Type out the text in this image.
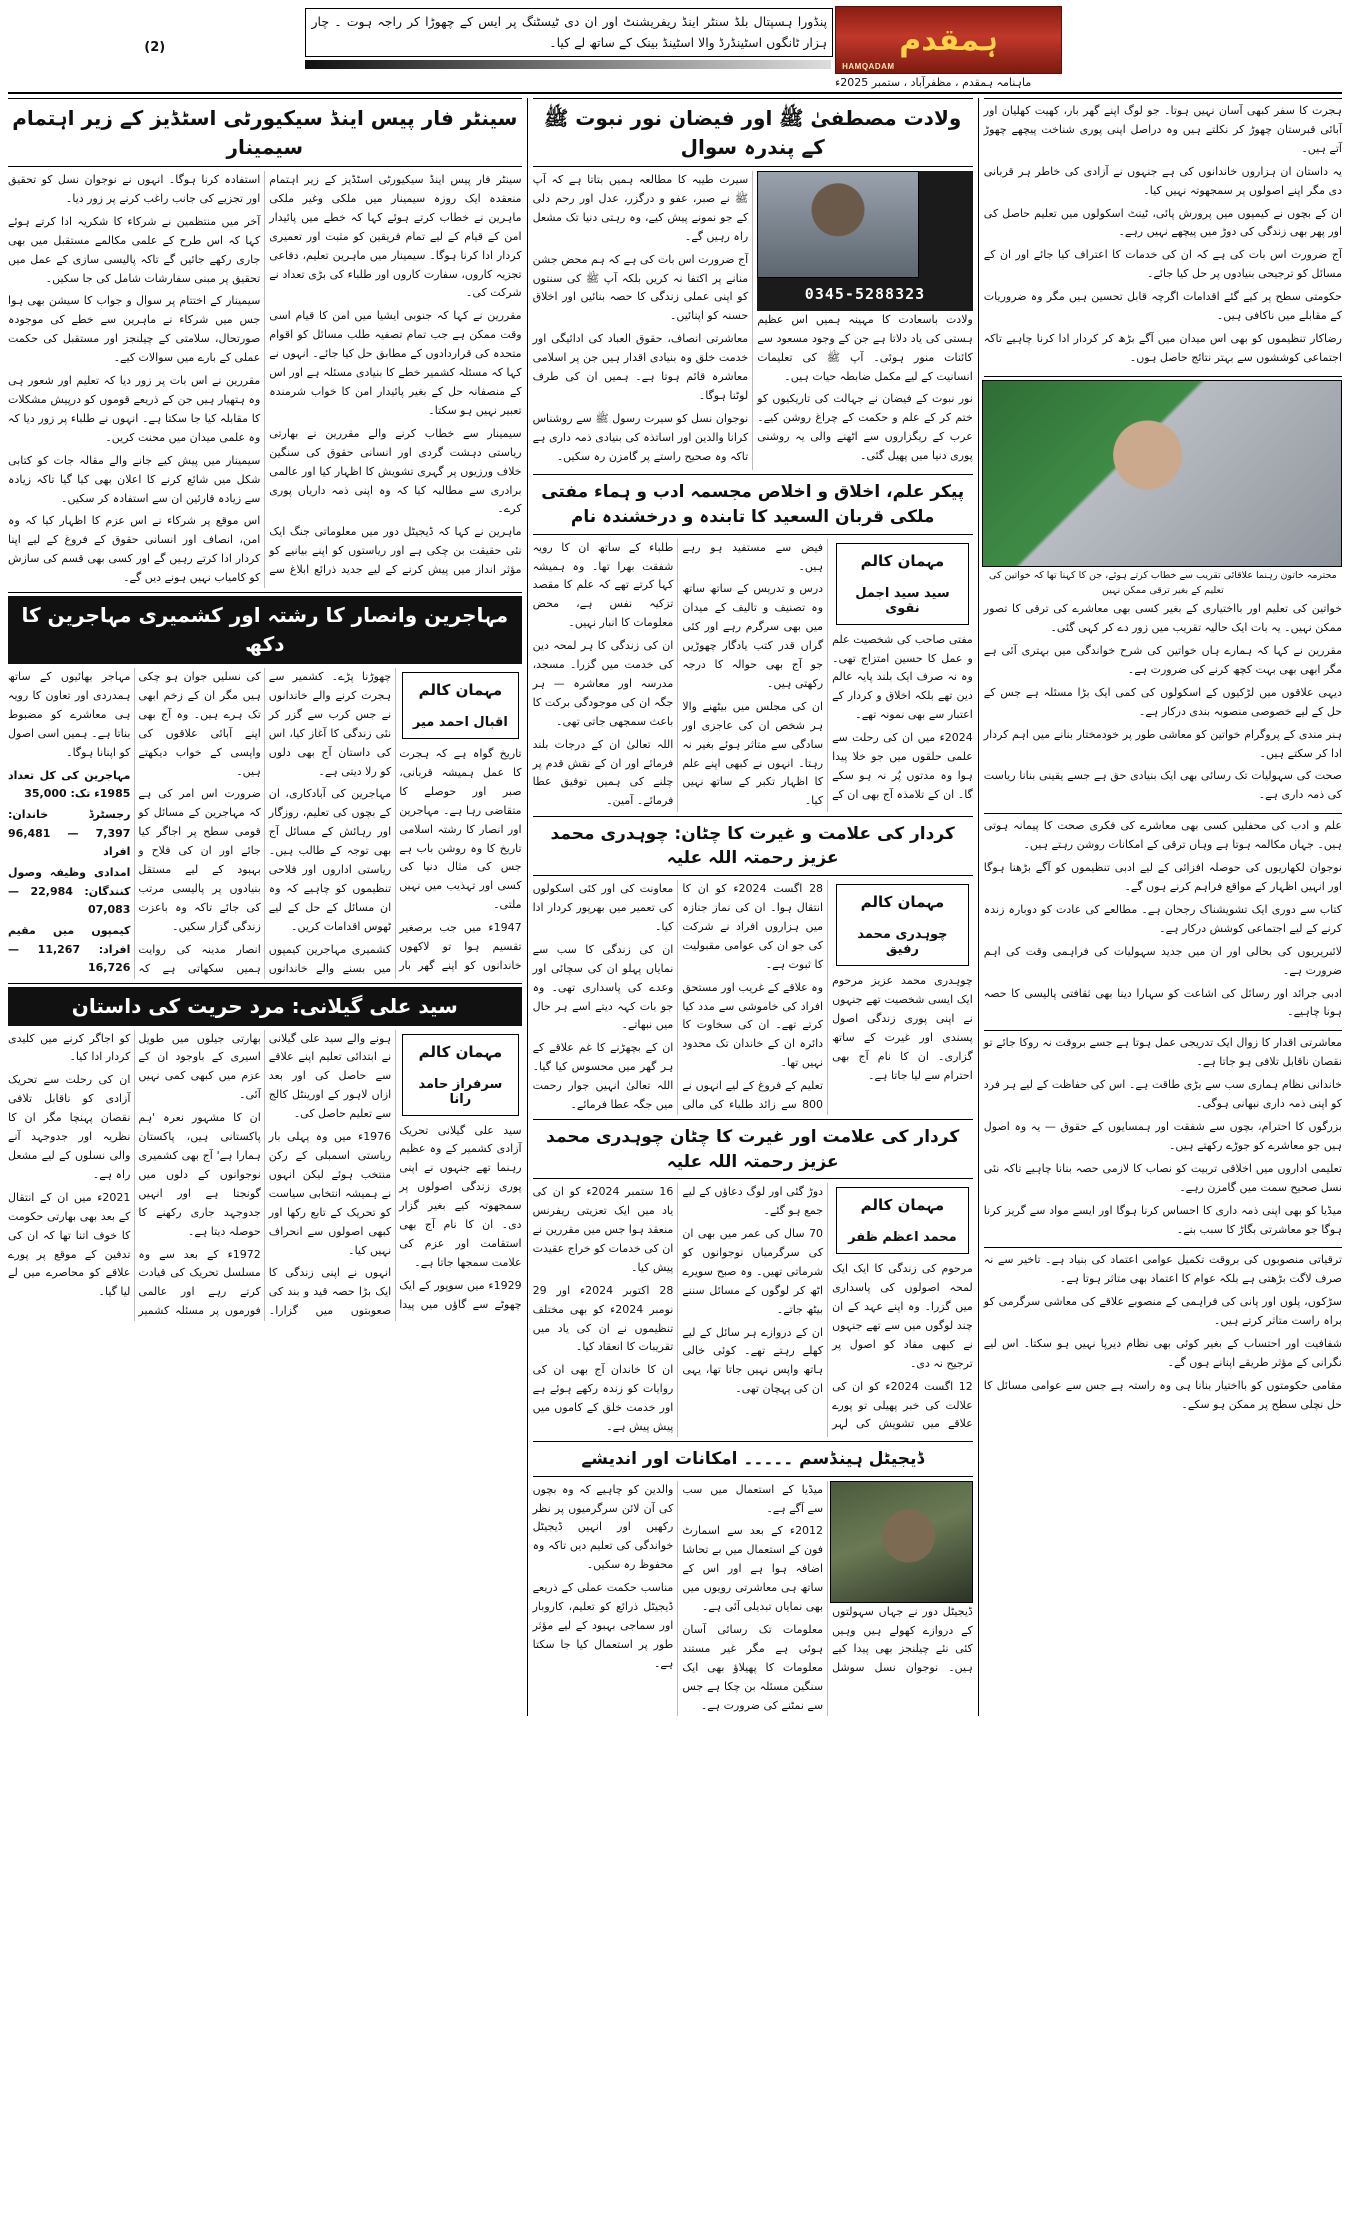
ہمقدم
HAMQADAM
ماہنامہ ہمقدم ، مظفرآباد ، ستمبر 2025ء
پنڈورا ہسپتال بلڈ سنٹر اینڈ ریفریشنٹ اور ان دی ٹیسٹنگ پر ایس کے چھوڑا کر راجہ ہوت ۔ چار ہزار ٹانگوں اسٹینڈرڈ والا اسٹینڈ بینک کے ساتھ لے کیا۔
(2)

ہجرت کا سفر کبھی آسان نہیں ہوتا۔ جو لوگ اپنے گھر بار، کھیت کھلیان اور آبائی قبرستان چھوڑ کر نکلتے ہیں وہ دراصل اپنی پوری شناخت پیچھے چھوڑ آتے ہیں۔

یہ داستان ان ہزاروں خاندانوں کی ہے جنہوں نے آزادی کی خاطر ہر قربانی دی مگر اپنے اصولوں پر سمجھوتہ نہیں کیا۔

ان کے بچوں نے کیمپوں میں پرورش پائی، ٹینٹ اسکولوں میں تعلیم حاصل کی اور پھر بھی زندگی کی دوڑ میں پیچھے نہیں رہے۔

آج ضرورت اس بات کی ہے کہ ان کی خدمات کا اعتراف کیا جائے اور ان کے مسائل کو ترجیحی بنیادوں پر حل کیا جائے۔

حکومتی سطح پر کیے گئے اقدامات اگرچہ قابل تحسین ہیں مگر وہ ضروریات کے مقابلے میں ناکافی ہیں۔

رضاکار تنظیموں کو بھی اس میدان میں آگے بڑھ کر کردار ادا کرنا چاہیے تاکہ اجتماعی کوششوں سے بہتر نتائج حاصل ہوں۔

محترمہ خاتون رہنما علاقائی تقریب سے خطاب کرتے ہوئے، جن کا کہنا تھا کہ خواتین کی تعلیم کے بغیر ترقی ممکن نہیں

خواتین کی تعلیم اور بااختیاری کے بغیر کسی بھی معاشرے کی ترقی کا تصور ممکن نہیں۔ یہ بات ایک حالیہ تقریب میں زور دے کر کہی گئی۔

مقررین نے کہا کہ ہمارے ہاں خواتین کی شرح خواندگی میں بہتری آئی ہے مگر ابھی بھی بہت کچھ کرنے کی ضرورت ہے۔

دیہی علاقوں میں لڑکیوں کے اسکولوں کی کمی ایک بڑا مسئلہ ہے جس کے حل کے لیے خصوصی منصوبہ بندی درکار ہے۔

ہنر مندی کے پروگرام خواتین کو معاشی طور پر خودمختار بنانے میں اہم کردار ادا کر سکتے ہیں۔

صحت کی سہولیات تک رسائی بھی ایک بنیادی حق ہے جسے یقینی بنانا ریاست کی ذمہ داری ہے۔

علم و ادب کی محفلیں کسی بھی معاشرے کی فکری صحت کا پیمانہ ہوتی ہیں۔ جہاں مکالمہ ہوتا ہے وہاں ترقی کے امکانات روشن رہتے ہیں۔

نوجوان لکھاریوں کی حوصلہ افزائی کے لیے ادبی تنظیموں کو آگے بڑھنا ہوگا اور انہیں اظہار کے مواقع فراہم کرنے ہوں گے۔

کتاب سے دوری ایک تشویشناک رجحان ہے۔ مطالعے کی عادت کو دوبارہ زندہ کرنے کے لیے اجتماعی کوشش درکار ہے۔

لائبریریوں کی بحالی اور ان میں جدید سہولیات کی فراہمی وقت کی اہم ضرورت ہے۔

ادبی جرائد اور رسائل کی اشاعت کو سہارا دینا بھی ثقافتی پالیسی کا حصہ ہونا چاہیے۔

معاشرتی اقدار کا زوال ایک تدریجی عمل ہوتا ہے جسے بروقت نہ روکا جائے تو نقصان ناقابل تلافی ہو جاتا ہے۔

خاندانی نظام ہماری سب سے بڑی طاقت ہے۔ اس کی حفاظت کے لیے ہر فرد کو اپنی ذمہ داری نبھانی ہوگی۔

بزرگوں کا احترام، بچوں سے شفقت اور ہمسایوں کے حقوق — یہ وہ اصول ہیں جو معاشرے کو جوڑے رکھتے ہیں۔

تعلیمی اداروں میں اخلاقی تربیت کو نصاب کا لازمی حصہ بنانا چاہیے تاکہ نئی نسل صحیح سمت میں گامزن رہے۔

میڈیا کو بھی اپنی ذمہ داری کا احساس کرنا ہوگا اور ایسے مواد سے گریز کرنا ہوگا جو معاشرتی بگاڑ کا سبب بنے۔

ترقیاتی منصوبوں کی بروقت تکمیل عوامی اعتماد کی بنیاد ہے۔ تاخیر سے نہ صرف لاگت بڑھتی ہے بلکہ عوام کا اعتماد بھی متاثر ہوتا ہے۔

سڑکوں، پلوں اور پانی کی فراہمی کے منصوبے علاقے کی معاشی سرگرمی کو براہ راست متاثر کرتے ہیں۔

شفافیت اور احتساب کے بغیر کوئی بھی نظام دیرپا نہیں ہو سکتا۔ اس لیے نگرانی کے مؤثر طریقے اپنانے ہوں گے۔

مقامی حکومتوں کو بااختیار بنانا ہی وہ راستہ ہے جس سے عوامی مسائل کا حل نچلی سطح پر ممکن ہو سکے۔

ولادت مصطفیٰ ﷺ اور فیضان نور نبوت ﷺ کے پندرہ سوال
0345-5288323

ولادت باسعادت کا مہینہ ہمیں اس عظیم ہستی کی یاد دلاتا ہے جن کے وجود مسعود سے کائنات منور ہوئی۔ آپ ﷺ کی تعلیمات انسانیت کے لیے مکمل ضابطہ حیات ہیں۔

نور نبوت کے فیضان نے جہالت کی تاریکیوں کو ختم کر کے علم و حکمت کے چراغ روشن کیے۔ عرب کے ریگزاروں سے اٹھنے والی یہ روشنی پوری دنیا میں پھیل گئی۔

سیرت طیبہ کا مطالعہ ہمیں بتاتا ہے کہ آپ ﷺ نے صبر، عفو و درگزر، عدل اور رحم دلی کے جو نمونے پیش کیے، وہ رہتی دنیا تک مشعل راہ رہیں گے۔

آج ضرورت اس بات کی ہے کہ ہم محض جشن منانے پر اکتفا نہ کریں بلکہ آپ ﷺ کی سنتوں کو اپنی عملی زندگی کا حصہ بنائیں اور اخلاق حسنہ کو اپنائیں۔

معاشرتی انصاف، حقوق العباد کی ادائیگی اور خدمت خلق وہ بنیادی اقدار ہیں جن پر اسلامی معاشرہ قائم ہوتا ہے۔ ہمیں ان کی طرف لوٹنا ہوگا۔

نوجوان نسل کو سیرت رسول ﷺ سے روشناس کرانا والدین اور اساتذہ کی بنیادی ذمہ داری ہے تاکہ وہ صحیح راستے پر گامزن رہ سکیں۔

پیکر علم، اخلاق و اخلاص مجسمہ ادب و ہماء مفتی ملکی قربان السعید کا تابندہ و درخشندہ نام
مہمان کالم
سید سید اجمل نقوی

مفتی صاحب کی شخصیت علم و عمل کا حسین امتزاج تھی۔ وہ نہ صرف ایک بلند پایہ عالم دین تھے بلکہ اخلاق و کردار کے اعتبار سے بھی نمونہ تھے۔

2024ء میں ان کی رحلت سے علمی حلقوں میں جو خلا پیدا ہوا وہ مدتوں پُر نہ ہو سکے گا۔ ان کے تلامذہ آج بھی ان کے فیض سے مستفید ہو رہے ہیں۔

درس و تدریس کے ساتھ ساتھ وہ تصنیف و تالیف کے میدان میں بھی سرگرم رہے اور کئی گراں قدر کتب یادگار چھوڑیں جو آج بھی حوالہ کا درجہ رکھتی ہیں۔

ان کی مجلس میں بیٹھنے والا ہر شخص ان کی عاجزی اور سادگی سے متاثر ہوئے بغیر نہ رہتا۔ انہوں نے کبھی اپنے علم کا اظہار تکبر کے ساتھ نہیں کیا۔

طلباء کے ساتھ ان کا رویہ شفقت بھرا تھا۔ وہ ہمیشہ کہا کرتے تھے کہ علم کا مقصد تزکیہ نفس ہے، محض معلومات کا انبار نہیں۔

ان کی زندگی کا ہر لمحہ دین کی خدمت میں گزرا۔ مسجد، مدرسہ اور معاشرہ — ہر جگہ ان کی موجودگی برکت کا باعث سمجھی جاتی تھی۔

اللہ تعالیٰ ان کے درجات بلند فرمائے اور ان کے نقش قدم پر چلنے کی ہمیں توفیق عطا فرمائے۔ آمین۔

کردار کی علامت و غیرت کا چٹان: چوہدری محمد عزیز رحمتہ اللہ علیہ
مہمان کالم
چوہدری محمد رفیق

چوہدری محمد عزیز مرحوم ایک ایسی شخصیت تھے جنہوں نے اپنی پوری زندگی اصول پسندی اور غیرت کے ساتھ گزاری۔ ان کا نام آج بھی احترام سے لیا جاتا ہے۔

28 اگست 2024ء کو ان کا انتقال ہوا۔ ان کی نماز جنازہ میں ہزاروں افراد نے شرکت کی جو ان کی عوامی مقبولیت کا ثبوت ہے۔

وہ علاقے کے غریب اور مستحق افراد کی خاموشی سے مدد کیا کرتے تھے۔ ان کی سخاوت کا دائرہ ان کے خاندان تک محدود نہیں تھا۔

تعلیم کے فروغ کے لیے انہوں نے 800 سے زائد طلباء کی مالی معاونت کی اور کئی اسکولوں کی تعمیر میں بھرپور کردار ادا کیا۔

ان کی زندگی کا سب سے نمایاں پہلو ان کی سچائی اور وعدے کی پاسداری تھی۔ وہ جو بات کہہ دیتے اسے ہر حال میں نبھاتے۔

ان کے بچھڑنے کا غم علاقے کے ہر گھر میں محسوس کیا گیا۔ اللہ تعالیٰ انہیں جوار رحمت میں جگہ عطا فرمائے۔

کردار کی علامت اور غیرت کا چٹان چوہدری محمد عزیز رحمتہ اللہ علیہ
مہمان کالم
محمد اعظم ظفر

مرحوم کی زندگی کا ایک ایک لمحہ اصولوں کی پاسداری میں گزرا۔ وہ اپنے عہد کے ان چند لوگوں میں سے تھے جنہوں نے کبھی مفاد کو اصول پر ترجیح نہ دی۔

12 اگست 2024ء کو ان کی علالت کی خبر پھیلی تو پورے علاقے میں تشویش کی لہر دوڑ گئی اور لوگ دعاؤں کے لیے جمع ہو گئے۔

70 سال کی عمر میں بھی ان کی سرگرمیاں نوجوانوں کو شرماتی تھیں۔ وہ صبح سویرے اٹھ کر لوگوں کے مسائل سننے بیٹھ جاتے۔

ان کے دروازے ہر سائل کے لیے کھلے رہتے تھے۔ کوئی خالی ہاتھ واپس نہیں جاتا تھا، یہی ان کی پہچان تھی۔

16 ستمبر 2024ء کو ان کی یاد میں ایک تعزیتی ریفرنس منعقد ہوا جس میں مقررین نے ان کی خدمات کو خراج عقیدت پیش کیا۔

28 اکتوبر 2024ء اور 29 نومبر 2024ء کو بھی مختلف تنظیموں نے ان کی یاد میں تقریبات کا انعقاد کیا۔

ان کا خاندان آج بھی ان کی روایات کو زندہ رکھے ہوئے ہے اور خدمت خلق کے کاموں میں پیش پیش ہے۔

ڈیجیٹل ہینڈسم ۔۔۔۔۔ امکانات اور اندیشے

ڈیجیٹل دور نے جہاں سہولتوں کے دروازے کھولے ہیں وہیں کئی نئے چیلنجز بھی پیدا کیے ہیں۔ نوجوان نسل سوشل میڈیا کے استعمال میں سب سے آگے ہے۔

2012ء کے بعد سے اسمارٹ فون کے استعمال میں بے تحاشا اضافہ ہوا ہے اور اس کے ساتھ ہی معاشرتی رویوں میں بھی نمایاں تبدیلی آئی ہے۔

معلومات تک رسائی آسان ہوئی ہے مگر غیر مستند معلومات کا پھیلاؤ بھی ایک سنگین مسئلہ بن چکا ہے جس سے نمٹنے کی ضرورت ہے۔

والدین کو چاہیے کہ وہ بچوں کی آن لائن سرگرمیوں پر نظر رکھیں اور انہیں ڈیجیٹل خواندگی کی تعلیم دیں تاکہ وہ محفوظ رہ سکیں۔

مناسب حکمت عملی کے ذریعے ڈیجیٹل ذرائع کو تعلیم، کاروبار اور سماجی بہبود کے لیے مؤثر طور پر استعمال کیا جا سکتا ہے۔

سینٹر فار پیس اینڈ سیکیورٹی اسٹڈیز کے زیر اہتمام سیمینار

سینٹر فار پیس اینڈ سیکیورٹی اسٹڈیز کے زیر اہتمام منعقدہ ایک روزہ سیمینار میں ملکی وغیر ملکی ماہرین نے خطاب کرتے ہوئے کہا کہ خطے میں پائیدار امن کے قیام کے لیے تمام فریقین کو مثبت اور تعمیری کردار ادا کرنا ہوگا۔ سیمینار میں ماہرین تعلیم، دفاعی تجزیہ کاروں، سفارت کاروں اور طلباء کی بڑی تعداد نے شرکت کی۔

مقررین نے کہا کہ جنوبی ایشیا میں امن کا قیام اسی وقت ممکن ہے جب تمام تصفیہ طلب مسائل کو اقوام متحدہ کی قراردادوں کے مطابق حل کیا جائے۔ انہوں نے کہا کہ مسئلہ کشمیر خطے کا بنیادی مسئلہ ہے اور اس کے منصفانہ حل کے بغیر پائیدار امن کا خواب شرمندہ تعبیر نہیں ہو سکتا۔

سیمینار سے خطاب کرنے والے مقررین نے بھارتی ریاستی دہشت گردی اور انسانی حقوق کی سنگین خلاف ورزیوں پر گہری تشویش کا اظہار کیا اور عالمی برادری سے مطالبہ کیا کہ وہ اپنی ذمہ داریاں پوری کرے۔

ماہرین نے کہا کہ ڈیجیٹل دور میں معلوماتی جنگ ایک نئی حقیقت بن چکی ہے اور ریاستوں کو اپنے بیانیے کو مؤثر انداز میں پیش کرنے کے لیے جدید ذرائع ابلاغ سے استفادہ کرنا ہوگا۔ انہوں نے نوجوان نسل کو تحقیق اور تجزیے کی جانب راغب کرنے پر زور دیا۔

آخر میں منتظمین نے شرکاء کا شکریہ ادا کرتے ہوئے کہا کہ اس طرح کے علمی مکالمے مستقبل میں بھی جاری رکھے جائیں گے تاکہ پالیسی سازی کے عمل میں تحقیق پر مبنی سفارشات شامل کی جا سکیں۔

سیمینار کے اختتام پر سوال و جواب کا سیشن بھی ہوا جس میں شرکاء نے ماہرین سے خطے کی موجودہ صورتحال، سلامتی کے چیلنجز اور مستقبل کی حکمت عملی کے بارے میں سوالات کیے۔

مقررین نے اس بات پر زور دیا کہ تعلیم اور شعور ہی وہ ہتھیار ہیں جن کے ذریعے قوموں کو درپیش مشکلات کا مقابلہ کیا جا سکتا ہے۔ انہوں نے طلباء پر زور دیا کہ وہ علمی میدان میں محنت کریں۔

سیمینار میں پیش کیے جانے والے مقالہ جات کو کتابی شکل میں شائع کرنے کا اعلان بھی کیا گیا تاکہ زیادہ سے زیادہ قارئین ان سے استفادہ کر سکیں۔

اس موقع پر شرکاء نے اس عزم کا اظہار کیا کہ وہ امن، انصاف اور انسانی حقوق کے فروغ کے لیے اپنا کردار ادا کرتے رہیں گے اور کسی بھی قسم کی سازش کو کامیاب نہیں ہونے دیں گے۔

مہاجرین وانصار کا رشتہ اور کشمیری مہاجرین کا دکھ
مہمان کالم
اقبال احمد میر

تاریخ گواہ ہے کہ ہجرت کا عمل ہمیشہ قربانی، صبر اور حوصلے کا متقاضی رہا ہے۔ مہاجرین اور انصار کا رشتہ اسلامی تاریخ کا وہ روشن باب ہے جس کی مثال دنیا کی کسی اور تہذیب میں نہیں ملتی۔

1947ء میں جب برصغیر تقسیم ہوا تو لاکھوں خاندانوں کو اپنے گھر بار چھوڑنا پڑے۔ کشمیر سے ہجرت کرنے والے خاندانوں نے جس کرب سے گزر کر نئی زندگی کا آغاز کیا، اس کی داستان آج بھی دلوں کو رلا دیتی ہے۔

مہاجرین کی آبادکاری، ان کے بچوں کی تعلیم، روزگار اور رہائش کے مسائل آج بھی توجہ کے طالب ہیں۔ ریاستی اداروں اور فلاحی تنظیموں کو چاہیے کہ وہ ان مسائل کے حل کے لیے ٹھوس اقدامات کریں۔

کشمیری مہاجرین کیمپوں میں بسنے والے خاندانوں کی نسلیں جوان ہو چکی ہیں مگر ان کے زخم ابھی تک ہرے ہیں۔ وہ آج بھی اپنے آبائی علاقوں کی واپسی کے خواب دیکھتے ہیں۔

ضرورت اس امر کی ہے کہ مہاجرین کے مسائل کو قومی سطح پر اجاگر کیا جائے اور ان کی فلاح و بہبود کے لیے مستقل بنیادوں پر پالیسی مرتب کی جائے تاکہ وہ باعزت زندگی گزار سکیں۔

انصار مدینہ کی روایت ہمیں سکھاتی ہے کہ مہاجر بھائیوں کے ساتھ ہمدردی اور تعاون کا رویہ ہی معاشرے کو مضبوط بناتا ہے۔ ہمیں اسی اصول کو اپنانا ہوگا۔

مہاجرین کی کل تعداد 1985ء تک: 35,000
رجسٹرڈ خاندان: 7,397 — 96,481 افراد
امدادی وظیفہ وصول کنندگان: 22,984 — 07,083
کیمپوں میں مقیم افراد: 11,267 — 16,726
سید علی گیلانی: مرد حریت کی داستان
مہمان کالم
سرفراز حامد رانا

سید علی گیلانی تحریک آزادی کشمیر کے وہ عظیم رہنما تھے جنہوں نے اپنی پوری زندگی اصولوں پر سمجھوتہ کیے بغیر گزار دی۔ ان کا نام آج بھی استقامت اور عزم کی علامت سمجھا جاتا ہے۔

1929ء میں سوپور کے ایک چھوٹے سے گاؤں میں پیدا ہونے والے سید علی گیلانی نے ابتدائی تعلیم اپنے علاقے سے حاصل کی اور بعد ازاں لاہور کے اورینٹل کالج سے تعلیم حاصل کی۔

1976ء میں وہ پہلی بار ریاستی اسمبلی کے رکن منتخب ہوئے لیکن انہوں نے ہمیشہ انتخابی سیاست کو تحریک کے تابع رکھا اور کبھی اصولوں سے انحراف نہیں کیا۔

انہوں نے اپنی زندگی کا ایک بڑا حصہ قید و بند کی صعوبتوں میں گزارا۔ بھارتی جیلوں میں طویل اسیری کے باوجود ان کے عزم میں کبھی کمی نہیں آئی۔

ان کا مشہور نعرہ 'ہم پاکستانی ہیں، پاکستان ہمارا ہے' آج بھی کشمیری نوجوانوں کے دلوں میں گونجتا ہے اور انہیں جدوجہد جاری رکھنے کا حوصلہ دیتا ہے۔

1972ء کے بعد سے وہ مسلسل تحریک کی قیادت کرتے رہے اور عالمی فورموں پر مسئلہ کشمیر کو اجاگر کرنے میں کلیدی کردار ادا کیا۔

ان کی رحلت سے تحریک آزادی کو ناقابل تلافی نقصان پہنچا مگر ان کا نظریہ اور جدوجہد آنے والی نسلوں کے لیے مشعل راہ ہے۔

2021ء میں ان کے انتقال کے بعد بھی بھارتی حکومت کا خوف اتنا تھا کہ ان کی تدفین کے موقع پر پورے علاقے کو محاصرے میں لے لیا گیا۔
